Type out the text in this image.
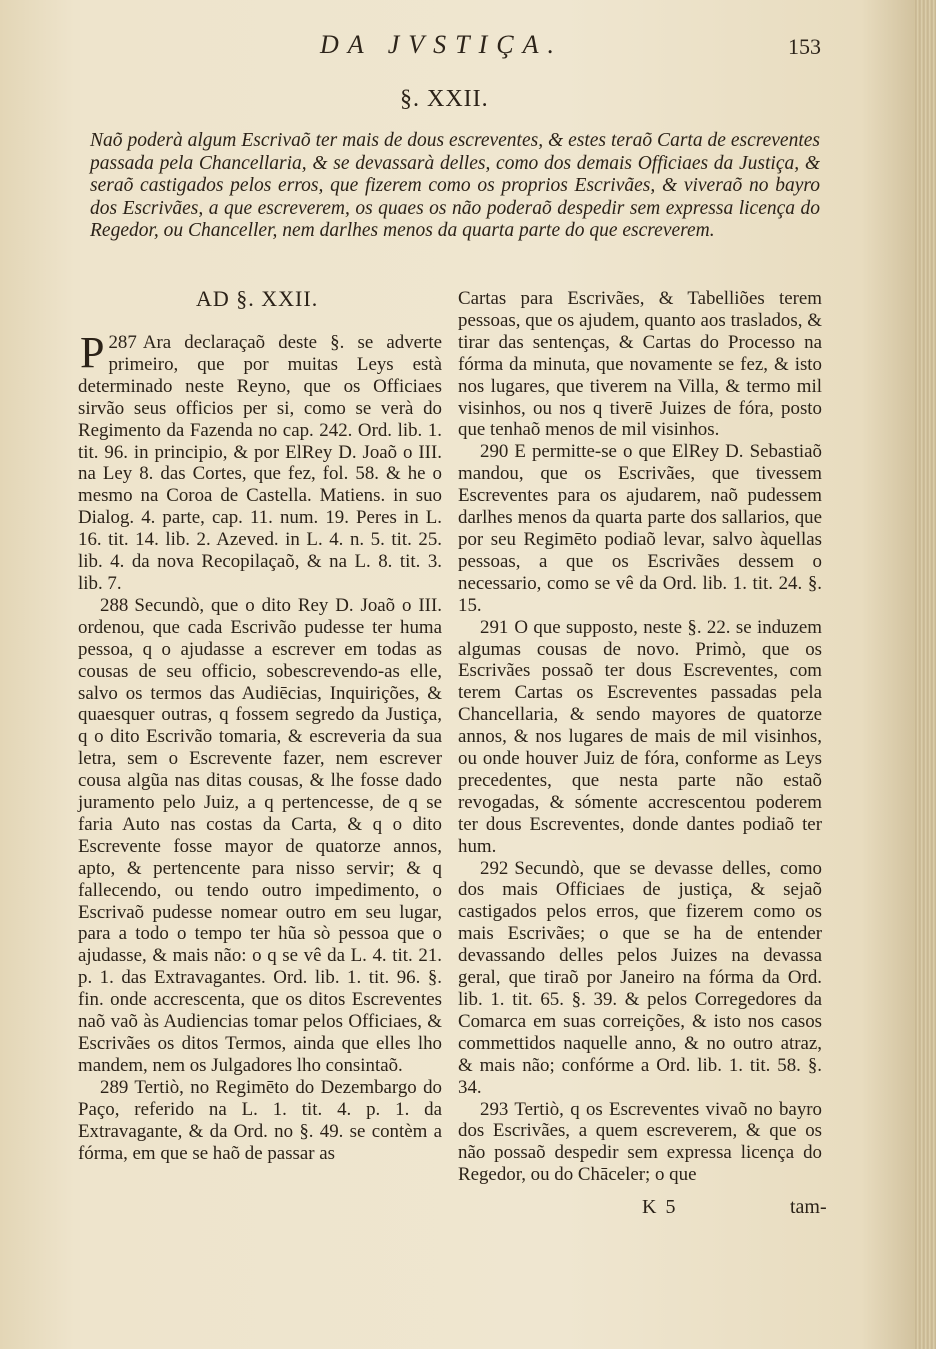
DA JVSTIÇA.	153
§. XXII.
Naõ poderà algum Escrivaõ ter mais de dous escreventes, & estes teraõ Carta de escreventes passada pela Chancellaria, & se devassarà delles, como dos demais Officiaes da Justiça, & seraõ castigados pelos erros, que fizerem como os proprios Escrivães, & viveraõ no bayro dos Escrivães, a que escreverem, os quaes os não poderaõ despedir sem expressa licença do Regedor, ou Chanceller, nem darlhes menos da quarta parte do que escreverem.
AD §. XXII.

287
P Ara declaraçaõ deste §. se adverte primeiro, que por muitas Leys està determinado neste Reyno, que os Officiaes sirvão seus officios per si, como se verà do Regimento da Fazenda no cap. 242. Ord. lib. 1. tit. 96. in principio, & por ElRey D. Joaõ o III. na Ley 8. das Cortes, que fez, fol. 58. & he o mesmo na Coroa de Castella. Matiens. in suo Dialog. 4. parte, cap. 11. num. 19. Peres in L. 16. tit. 14. lib. 2. Azeved. in L. 4. n. 5. tit. 25. lib. 4. da nova Recopilaçaõ, & na L. 8. tit. 3. lib. 7.

288 Secundò, que o dito Rey D. Joaõ o III. ordenou, que cada Escrivão pudesse ter huma pessoa, q o ajudasse a escrever em todas as cousas de seu officio, sobescrevendo-as elle, salvo os termos das Audiēcias, Inquirições, & quaesquer outras, q fossem segredo da Justiça, q o dito Escrivão tomaria, & escreveria da sua letra, sem o Escrevente fazer, nem escrever cousa algũa nas ditas cousas, & lhe fosse dado juramento pelo Juiz, a q pertencesse, de q se faria Auto nas costas da Carta, & q o dito Escrevente fosse mayor de quatorze annos, apto, & pertencente para nisso servir; & q fallecendo, ou tendo outro impedimento, o Escrivaõ pudesse nomear outro em seu lugar, para a todo o tempo ter hũa sò pessoa que o ajudasse, & mais não: o q se vê da L. 4. tit. 21. p. 1. das Extravagantes. Ord. lib. 1. tit. 96. §. fin. onde accrescenta, que os ditos Escreventes naõ vaõ às Audiencias tomar pelos Officiaes, & Escrivães os ditos Termos, ainda que elles lho mandem, nem os Julgadores lho consintaõ.

289 Tertiò, no Regimēto do Dezembargo do Paço, referido na L. 1. tit. 4. p. 1. da Extravagante, & da Ord. no §. 49. se contèm a fórma, em que se haõ de passar as

Cartas para Escrivães, & Tabelliões terem pessoas, que os ajudem, quanto aos traslados, & tirar das sentenças, & Cartas do Processo na fórma da minuta, que novamente se fez, & isto nos lugares, que tiverem na Villa, & termo mil visinhos, ou nos q tiverē Juizes de fóra, posto que tenhaõ menos de mil visinhos.

290 E permitte-se o que ElRey D. Sebastiaõ mandou, que os Escrivães, que tivessem Escreventes para os ajudarem, naõ pudessem darlhes menos da quarta parte dos sallarios, que por seu Regimēto podiaõ levar, salvo àquellas pessoas, a que os Escrivães dessem o necessario, como se vê da Ord. lib. 1. tit. 24. §. 15.

291 O que supposto, neste §. 22. se induzem algumas cousas de novo. Primò, que os Escrivães possaõ ter dous Escreventes, com terem Cartas os Escreventes passadas pela Chancellaria, & sendo mayores de quatorze annos, & nos lugares de mais de mil visinhos, ou onde houver Juiz de fóra, conforme as Leys precedentes, que nesta parte não estaõ revogadas, & sómente accrescentou poderem ter dous Escreventes, donde dantes podiaõ ter hum.

292 Secundò, que se devasse delles, como dos mais Officiaes de justiça, & sejaõ castigados pelos erros, que fizerem como os mais Escrivães; o que se ha de entender devassando delles pelos Juizes na devassa geral, que tiraõ por Janeiro na fórma da Ord. lib. 1. tit. 65. §. 39. & pelos Corregedores da Comarca em suas correições, & isto nos casos commettidos naquelle anno, & no outro atraz, & mais não; confórme a Ord. lib. 1. tit. 58. §. 34.

293 Tertiò, q os Escreventes vivaõ no bayro dos Escrivães, a quem escreverem, & que os não possaõ despedir sem expressa licença do Regedor, ou do Chāceler; o que

K 5	tam-
